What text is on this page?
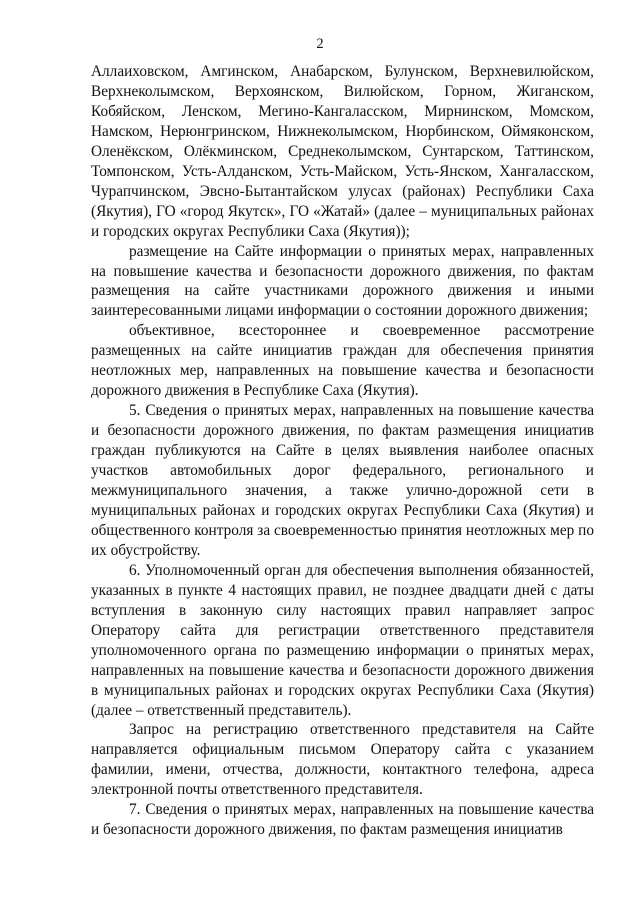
2

Аллаиховском, Амгинском, Анабарском, Булунском, Верхневилюйском, Верхнеколымском, Верхоянском, Вилюйском, Горном, Жиганском, Кобяйском, Ленском, Мегино-Кангаласском, Мирнинском, Момском, Намском, Нерюнгринском, Нижнеколымском, Нюрбинском, Оймяконском, Оленёкском, Олёкминском, Среднеколымском, Сунтарском, Таттинском, Томпонском, Усть-Алданском, Усть-Майском, Усть-Янском, Хангаласском, Чурапчинском, Эвсно-Бытантайском улусах (районах) Республики Саха (Якутия), ГО «город Якутск», ГО «Жатай» (далее – муниципальных районах и городских округах Республики Саха (Якутия));

размещение на Сайте информации о принятых мерах, направленных на повышение качества и безопасности дорожного движения, по фактам размещения на сайте участниками дорожного движения и иными заинтересованными лицами информации о состоянии дорожного движения;

объективное, всестороннее и своевременное рассмотрение размещенных на сайте инициатив граждан для обеспечения принятия неотложных мер, направленных на повышение качества и безопасности дорожного движения в Республике Саха (Якутия).

5. Сведения о принятых мерах, направленных на повышение качества и безопасности дорожного движения, по фактам размещения инициатив граждан публикуются на Сайте в целях выявления наиболее опасных участков автомобильных дорог федерального, регионального и межмуниципального значения, а также улично-дорожной сети в муниципальных районах и городских округах Республики Саха (Якутия) и общественного контроля за своевременностью принятия неотложных мер по их обустройству.

6. Уполномоченный орган для обеспечения выполнения обязанностей, указанных в пункте 4 настоящих правил, не позднее двадцати дней с даты вступления в законную силу настоящих правил направляет запрос Оператору сайта для регистрации ответственного представителя уполномоченного органа по размещению информации о принятых мерах, направленных на повышение качества и безопасности дорожного движения в муниципальных районах и городских округах Республики Саха (Якутия) (далее – ответственный представитель).

Запрос на регистрацию ответственного представителя на Сайте направляется официальным письмом Оператору сайта с указанием фамилии, имени, отчества, должности, контактного телефона, адреса электронной почты ответственного представителя.

7. Сведения о принятых мерах, направленных на повышение качества и безопасности дорожного движения, по фактам размещения инициатив
